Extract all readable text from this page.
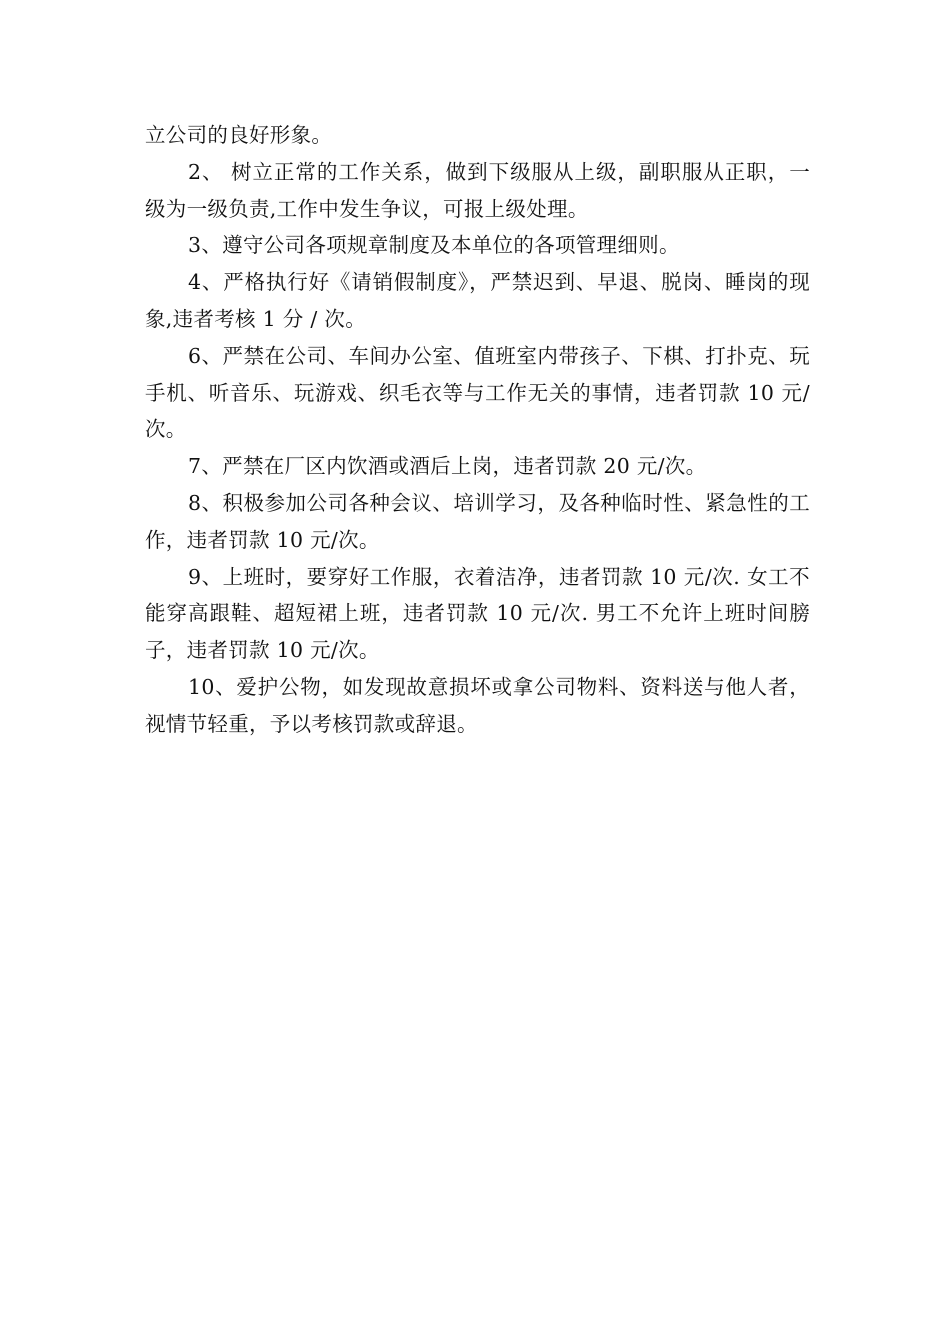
立公司的良好形象。

2、 树立正常的工作关系，做到下级服从上级，副职服从正职，一级为一级负责,工作中发生争议，可报上级处理。

3、遵守公司各项规章制度及本单位的各项管理细则。

4、严格执行好《请销假制度》，严禁迟到、早退、脱岗、睡岗的现象,违者考核 1 分 / 次。

6、严禁在公司、车间办公室、值班室内带孩子、下棋、打扑克、玩手机、听音乐、玩游戏、织毛衣等与工作无关的事情，违者罚款 10 元/次。

7、严禁在厂区内饮酒或酒后上岗，违者罚款 20 元/次。

8、积极参加公司各种会议、培训学习，及各种临时性、紧急性的工作，违者罚款 10 元/次。

9、上班时，要穿好工作服，衣着洁净，违者罚款 10 元/次. 女工不能穿高跟鞋、超短裙上班，违者罚款 10 元/次. 男工不允许上班时间膀子，违者罚款 10 元/次。

10、爱护公物，如发现故意损坏或拿公司物料、资料送与他人者，视情节轻重，予以考核罚款或辞退。
